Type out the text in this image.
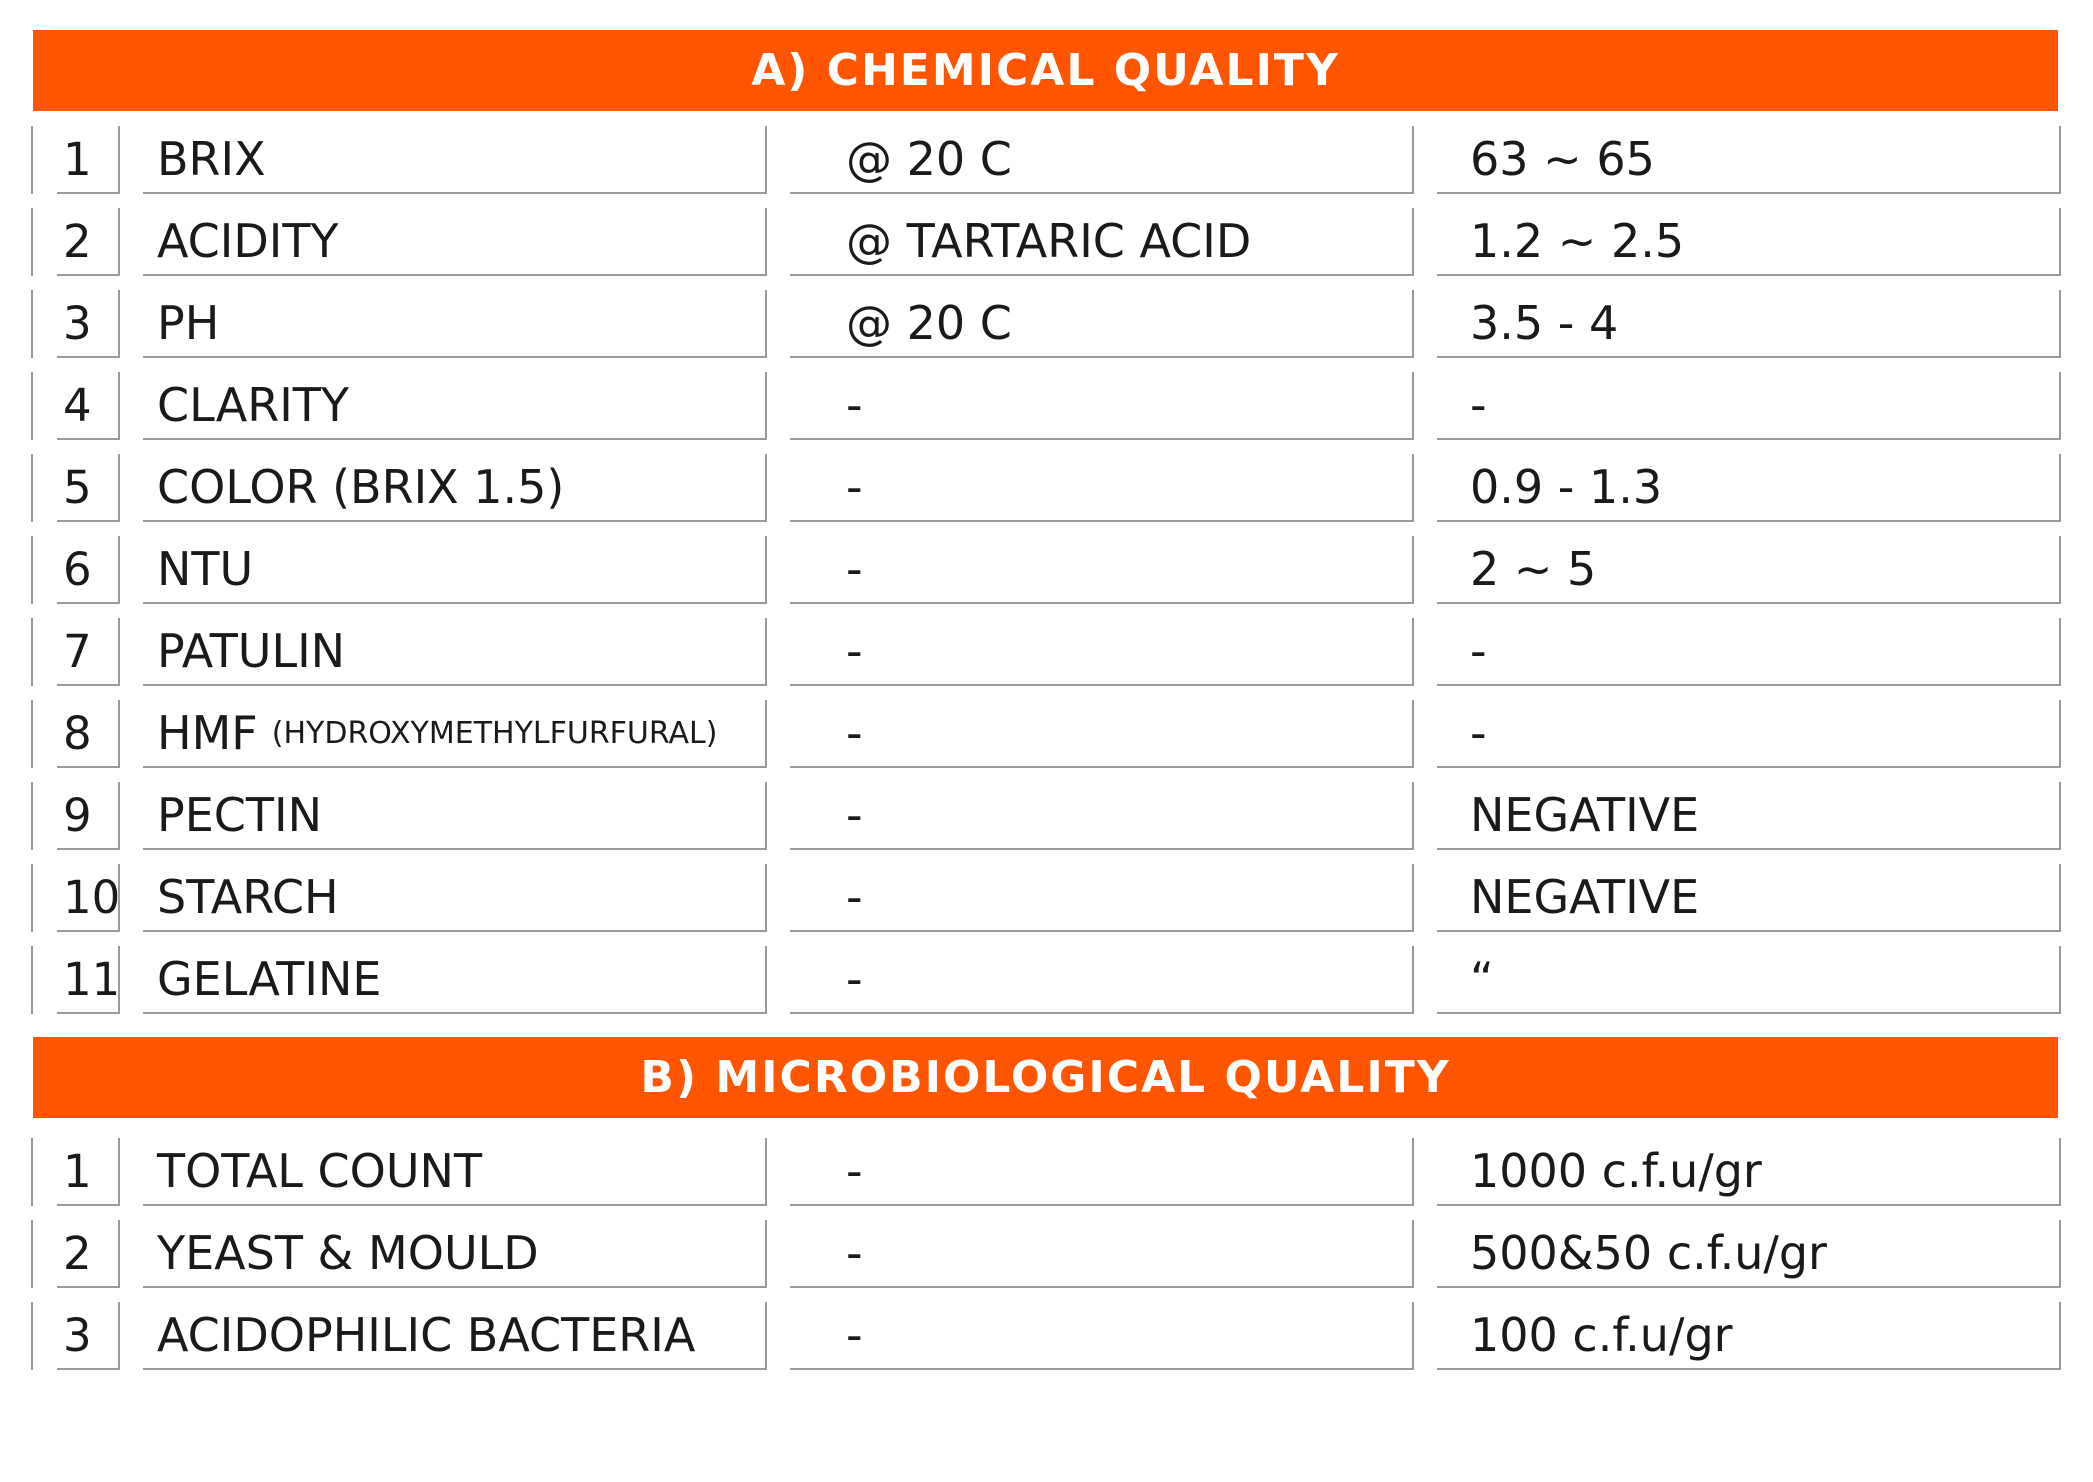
A) CHEMICAL QUALITY
1	BRIX	@ 20 C	63 ~ 65
2	ACIDITY	@ TARTARIC ACID	1.2 ~ 2.5
3	PH	@ 20 C	3.5 - 4
4	CLARITY	-	-
5	COLOR (BRIX 1.5)	-	0.9 - 1.3
6	NTU	-	2 ~ 5
7	PATULIN	-	-
8	HMF (HYDROXYMETHYLFURFURAL)	-	-
9	PECTIN	-	NEGATIVE
10 STARCH	-	NEGATIVE
11 GELATINE	-	“
B) MICROBIOLOGICAL QUALITY
1	TOTAL COUNT	-	1000 c.f.u/gr
2	YEAST & MOULD	-	500&50 c.f.u/gr
3	ACIDOPHILIC BACTERIA	-	100 c.f.u/gr
